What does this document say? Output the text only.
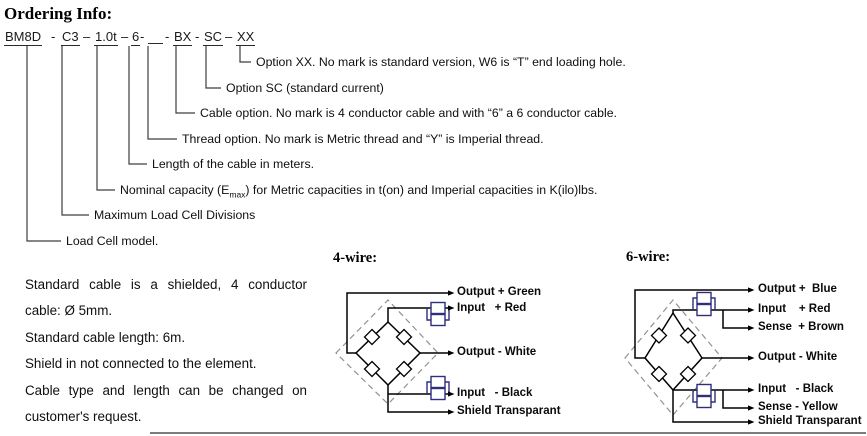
Ordering Info:
BM8D - C3 – 1.0t – 6 - - BX - SC – XX
Option XX. No mark is standard version, W6 is “T” end loading hole.
Option SC (standard current)
Cable option. No mark is 4 conductor cable and with “6” a 6 conductor cable.
Thread option. No mark is Metric thread and “Y” is Imperial thread.
Length of the cable in meters.
Nominal capacity $(E_{max})$ for Metric capacities in t(on) and Imperial capacities in K(ilo)lbs.
Maximum Load Cell Divisions
Load Cell model.

Standard cable is a shielded, 4 conductor cable: Ø 5mm.

Standard cable length: 6m.

Shield in not connected to the element.

Cable type and length can be changed on customer's request.

4-wire:
Output + Green
Input   + Red
Output - White
Input   - Black
Shield Transparant
6-wire:
Output +  Blue
Input    + Red
Sense  + Brown
Output - White
Input   - Black
Sense - Yellow
Shield Transparant
